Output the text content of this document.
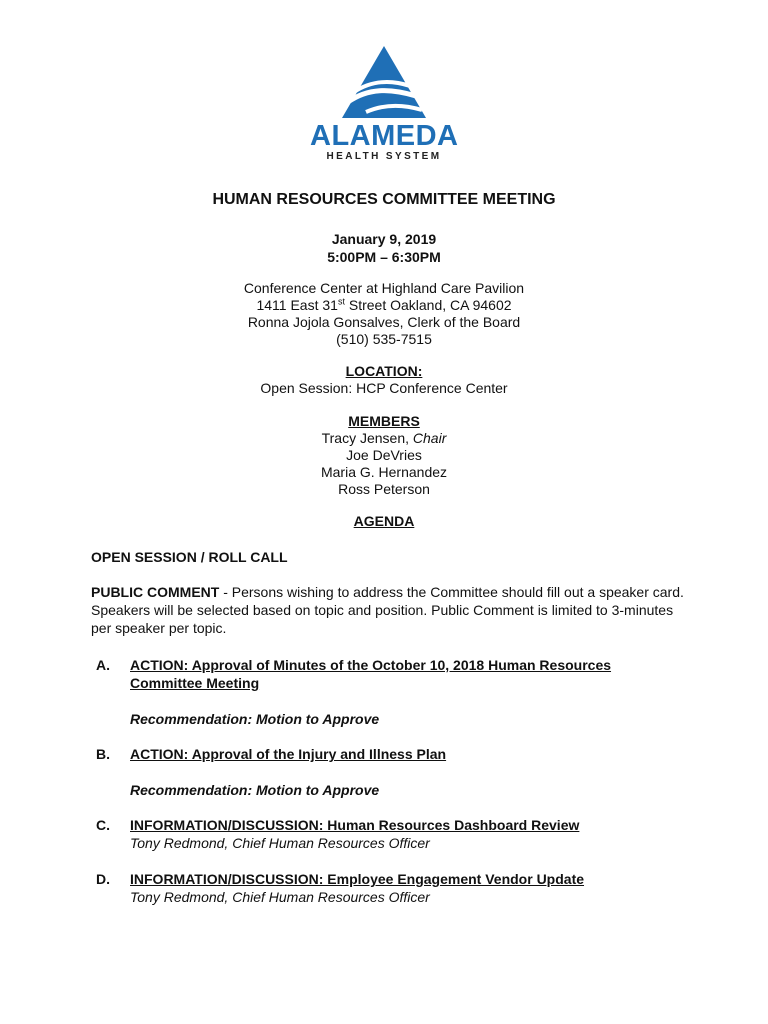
ALAMEDA
HEALTH SYSTEM
HUMAN RESOURCES COMMITTEE MEETING
January 9, 2019
5:00PM – 6:30PM
Conference Center at Highland Care Pavilion
1411 East 31st Street Oakland, CA 94602
Ronna Jojola Gonsalves, Clerk of the Board
(510) 535-7515
LOCATION:
Open Session: HCP Conference Center
MEMBERS
Tracy Jensen, Chair
Joe DeVries
Maria G. Hernandez
Ross Peterson
AGENDA
OPEN SESSION / ROLL CALL
PUBLIC COMMENT - Persons wishing to address the Committee should fill out a speaker card. Speakers will be selected based on topic and position. Public Comment is limited to 3-minutes per speaker per topic.
A. ACTION: Approval of Minutes of the October 10, 2018 Human Resources
Committee Meeting
Recommendation: Motion to Approve
B. ACTION: Approval of the Injury and Illness Plan
Recommendation: Motion to Approve
C. INFORMATION/DISCUSSION: Human Resources Dashboard Review
Tony Redmond, Chief Human Resources Officer
D. INFORMATION/DISCUSSION: Employee Engagement Vendor Update
Tony Redmond, Chief Human Resources Officer
